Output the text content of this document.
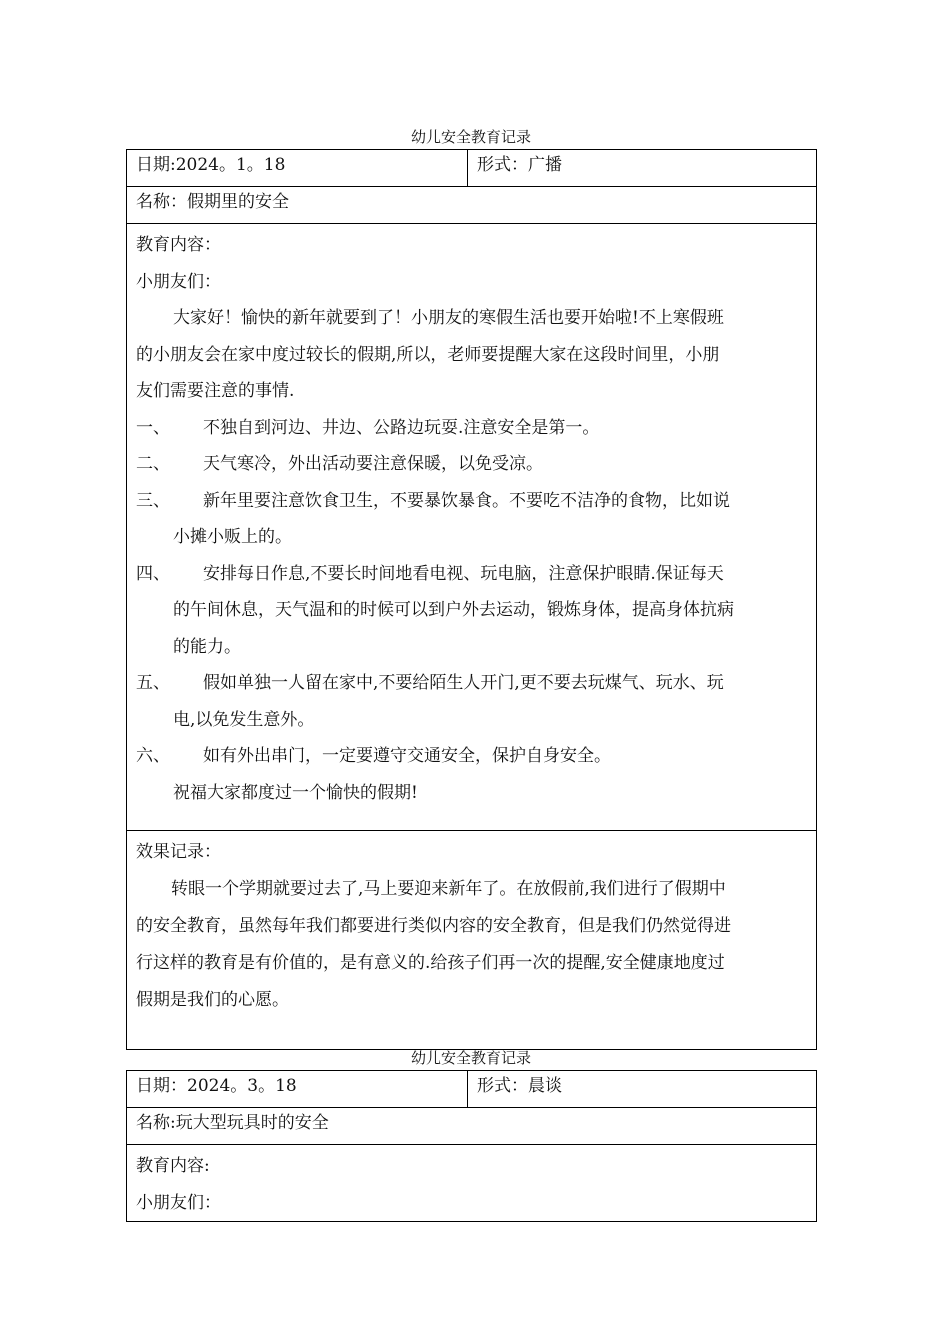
幼儿安全教育记录
日期:2024。1。18	形式：广播
名称：假期里的安全

教育内容：
小朋友们：
大家好！愉快的新年就要到了！小朋友的寒假生活也要开始啦!不上寒假班
的小朋友会在家中度过较长的假期,所以，老师要提醒大家在这段时间里，小朋
友们需要注意的事情.
一、	不独自到河边、井边、公路边玩耍.注意安全是第一。
二、	天气寒冷，外出活动要注意保暖，以免受凉。
三、	新年里要注意饮食卫生，不要暴饮暴食。不要吃不洁净的食物，比如说
小摊小贩上的。
四、	安排每日作息,不要长时间地看电视、玩电脑，注意保护眼睛.保证每天
的午间休息，天气温和的时候可以到户外去运动，锻炼身体，提高身体抗病
的能力。
五、	假如单独一人留在家中,不要给陌生人开门,更不要去玩煤气、玩水、玩
电,以免发生意外。
六、	如有外出串门，一定要遵守交通安全，保护自身安全。
祝福大家都度过一个愉快的假期!

效果记录：
转眼一个学期就要过去了,马上要迎来新年了。在放假前,我们进行了假期中
的安全教育，虽然每年我们都要进行类似内容的安全教育，但是我们仍然觉得进
行这样的教育是有价值的，是有意义的.给孩子们再一次的提醒,安全健康地度过
假期是我们的心愿。
幼儿安全教育记录
日期：2024。3。18	形式：晨谈
名称:玩大型玩具时的安全

教育内容:
小朋友们：
